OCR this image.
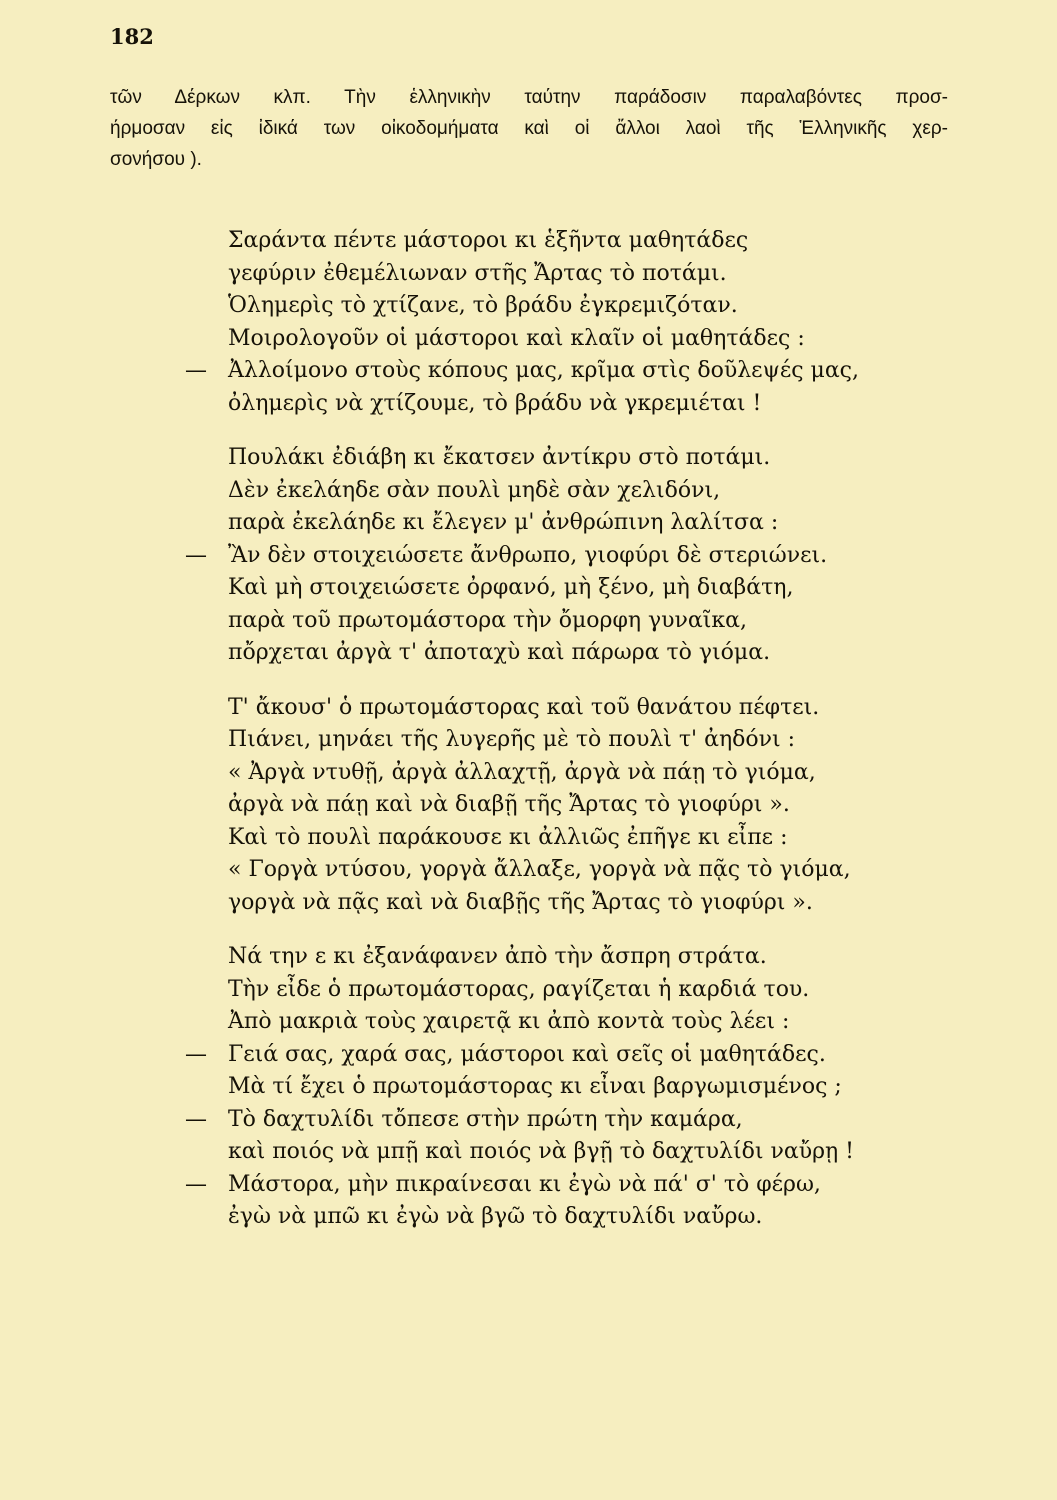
182
τῶν Δέρκων κλπ. Τὴν ἑλληνικὴν ταύτην παράδοσιν παραλαβόντες προσ-
ήρμοσαν εἰς ἰδικά των οἰκοδομήματα καὶ οἱ ἄλλοι λαοὶ τῆς Ἑλληνικῆς χερ-
σονήσου ).
Σαράντα πέντε μάστοροι κι ἑξῆντα μαθητάδες
γεφύριν ἐθεμέλιωναν στῆς Ἄρτας τὸ ποτάμι.
Ὁλημερὶς τὸ χτίζανε, τὸ βράδυ ἐγκρεμιζόταν.
Μοιρολογοῦν οἱ μάστοροι καὶ κλαῖν οἱ μαθητάδες :
— Ἀλλοίμονο στοὺς κόπους μας, κρῖμα στὶς δοῦλεψές μας,
ὀλημερὶς νὰ χτίζουμε, τὸ βράδυ νὰ γκρεμιέται !
Πουλάκι ἐδιάβη κι ἔκατσεν ἀντίκρυ στὸ ποτάμι.
Δὲν ἐκελάηδε σὰν πουλὶ μηδὲ σὰν χελιδόνι,
παρὰ ἐκελάηδε κι ἔλεγεν μ' ἀνθρώπινη λαλίτσα :
— Ἂν δὲν στοιχειώσετε ἄνθρωπο, γιοφύρι δὲ στεριώνει.
Καὶ μὴ στοιχειώσετε ὀρφανό, μὴ ξένο, μὴ διαβάτη,
παρὰ τοῦ πρωτομάστορα τὴν ὄμορφη γυναῖκα,
πὄρχεται ἀργὰ τ' ἀποταχὺ καὶ πάρωρα τὸ γιόμα.
Τ' ἄκουσ' ὁ πρωτομάστορας καὶ τοῦ θανάτου πέφτει.
Πιάνει, μηνάει τῆς λυγερῆς μὲ τὸ πουλὶ τ' ἀηδόνι :
« Ἀργὰ ντυθῇ, ἀργὰ ἀλλαχτῇ, ἀργὰ νὰ πάῃ τὸ γιόμα,
ἀργὰ νὰ πάῃ καὶ νὰ διαβῇ τῆς Ἄρτας τὸ γιοφύρι ».
Καὶ τὸ πουλὶ παράκουσε κι ἀλλιῶς ἐπῆγε κι εἶπε :
« Γοργὰ ντύσου, γοργὰ ἄλλαξε, γοργὰ νὰ πᾷς τὸ γιόμα,
γοργὰ νὰ πᾷς καὶ νὰ διαβῇς τῆς Ἄρτας τὸ γιοφύρι ».
Νά την ε κι ἐξανάφανεν ἀπὸ τὴν ἄσπρη στράτα.
Τὴν εἶδε ὁ πρωτομάστορας, ραγίζεται ἡ καρδιά του.
Ἀπὸ μακριὰ τοὺς χαιρετᾷ κι ἀπὸ κοντὰ τοὺς λέει :
— Γειά σας, χαρά σας, μάστοροι καὶ σεῖς οἱ μαθητάδες.
Μὰ τί ἔχει ὁ πρωτομάστορας κι εἶναι βαργωμισμένος ;
— Τὸ δαχτυλίδι τὄπεσε στὴν πρώτη τὴν καμάρα,
καὶ ποιός νὰ μπῇ καὶ ποιός νὰ βγῇ τὸ δαχτυλίδι ναὔρῃ !
— Μάστορα, μὴν πικραίνεσαι κι ἐγὼ νὰ πά' σ' τὸ φέρω,
ἐγὼ νὰ μπῶ κι ἐγὼ νὰ βγῶ τὸ δαχτυλίδι ναὔρω.
